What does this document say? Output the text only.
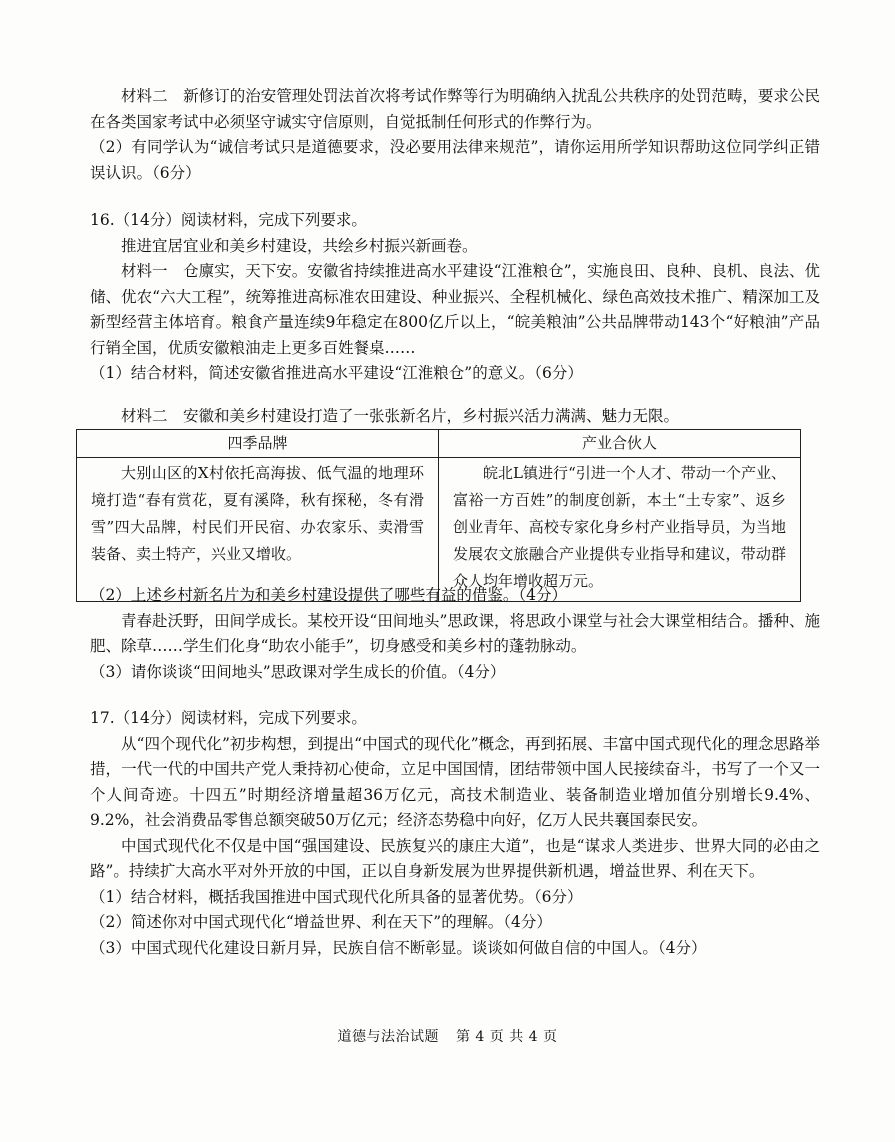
材料二　新修订的治安管理处罚法首次将考试作弊等行为明确纳入扰乱公共秩序的处罚范畴，要求公民在各类国家考试中必须坚守诚实守信原则，自觉抵制任何形式的作弊行为。

（2）有同学认为“诚信考试只是道德要求，没必要用法律来规范”，请你运用所学知识帮助这位同学纠正错误认识。（6分）

16.（14分）阅读材料，完成下列要求。

推进宜居宜业和美乡村建设，共绘乡村振兴新画卷。

材料一　仓廪实，天下安。安徽省持续推进高水平建设“江淮粮仓”，实施良田、良种、良机、良法、优储、优农“六大工程”，统筹推进高标准农田建设、种业振兴、全程机械化、绿色高效技术推广、精深加工及新型经营主体培育。粮食产量连续9年稳定在800亿斤以上，“皖美粮油”公共品牌带动143个“好粮油”产品行销全国，优质安徽粮油走上更多百姓餐桌……

（1）结合材料，简述安徽省推进高水平建设“江淮粮仓”的意义。（6分）

材料二　安徽和美乡村建设打造了一张张新名片，乡村振兴活力满满、魅力无限。

四季品牌	产业合伙人

大别山区的X村依托高海拔、低气温的地理环境打造“春有赏花，夏有溪降，秋有探秘，冬有滑雪”四大品牌，村民们开民宿、办农家乐、卖滑雪装备、卖土特产，兴业又增收。	皖北L镇进行“引进一个人才、带动一个产业、富裕一方百姓”的制度创新，本土“土专家”、返乡创业青年、高校专家化身乡村产业指导员，为当地发展农文旅融合产业提供专业指导和建议，带动群众人均年增收超万元。

（2）上述乡村新名片为和美乡村建设提供了哪些有益的借鉴。（4分）

青春赴沃野，田间学成长。某校开设“田间地头”思政课，将思政小课堂与社会大课堂相结合。播种、施肥、除草……学生们化身“助农小能手”，切身感受和美乡村的蓬勃脉动。

（3）请你谈谈“田间地头”思政课对学生成长的价值。（4分）

17.（14分）阅读材料，完成下列要求。

从“四个现代化”初步构想，到提出“中国式的现代化”概念，再到拓展、丰富中国式现代化的理念思路举措，一代一代的中国共产党人秉持初心使命，立足中国国情，团结带领中国人民接续奋斗，书写了一个又一个人间奇迹。十四五”时期经济增量超36万亿元，高技术制造业、装备制造业增加值分别增长9.4%、9.2%，社会消费品零售总额突破50万亿元；经济态势稳中向好，亿万人民共襄国泰民安。

中国式现代化不仅是中国“强国建设、民族复兴的康庄大道”，也是“谋求人类进步、世界大同的必由之路”。持续扩大高水平对外开放的中国，正以自身新发展为世界提供新机遇，增益世界、利在天下。

（1）结合材料，概括我国推进中国式现代化所具备的显著优势。（6分）

（2）简述你对中国式现代化“增益世界、利在天下”的理解。（4分）

（3）中国式现代化建设日新月异，民族自信不断彰显。谈谈如何做自信的中国人。（4分）

道德与法治试题 第 4 页 共 4 页
